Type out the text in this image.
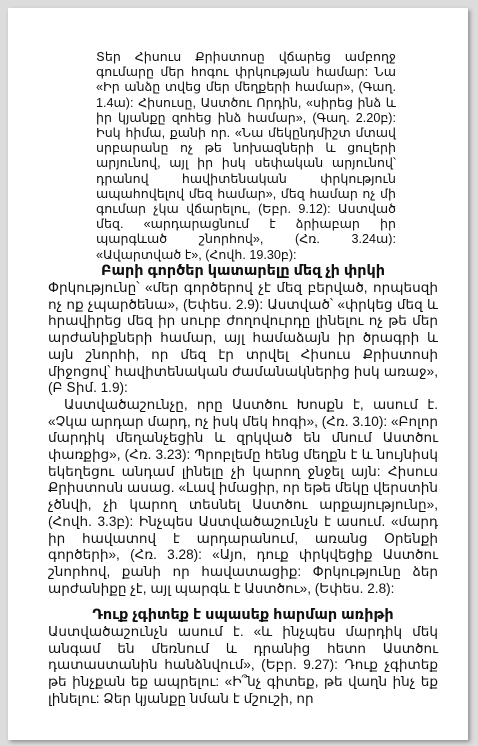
Տեր Հիսուս Քրիստոսը վճարեց ամբողջ գումարը մեր հոգու փրկության համար: Նա «Իր անձը տվեց մեր մեղքերի համար», (Գաղ. 1.4ա): Հիսուսը, Աստծու Որդին, «սիրեց ինձ և իր կյանքը զոհեց ինձ համար», (Գաղ. 2.20բ): Իսկ հիմա, քանի որ. «Նա մեկընդմիշտ մտավ սրբարանը ոչ թե նոխազների և ցուլերի արյունով, այլ իր իսկ սեփական արյունով՝ դրանով հավիտենական փրկություն ապահովելով մեզ համար», մեզ համար ոչ մի գումար չկա վճարելու, (Եբր. 9.12): Աստված մեզ. «արդարացնում է ձրիաբար իր պարգևած շնորհով», (Հռ. 3.24ա): «Ավարտված է», (Հովհ. 19.30բ):

Բարի գործեր կատարելը մեզ չի փրկի

Փրկությունը՝ «մեր գործերով չէ մեզ բերված, որպեսզի ոչ ոք չպարծենա», (Եփես. 2.9): Աստված՝ «փրկեց մեզ և հրավիրեց մեզ իր սուրբ ժողովուրդը լինելու ոչ թե մեր արժանիքների համար, այլ համաձայն իր ծրագրի և այն շնորհի, որ մեզ էր տրվել Հիսուս Քրիստոսի միջոցով՝ հավիտենական ժամանակներից իսկ առաջ», (Բ Տիմ. 1.9):

Աստվածաշունչը, որը Աստծու Խոսքն է, ասում է. «Չկա արդար մարդ, ոչ իսկ մեկ հոգի», (Հռ. 3.10): «Բոլոր մարդիկ մեղանչեցին և զրկված են մնում Աստծու փառքից», (Հռ. 3.23): Պրոբլեմը հենց մեղքն է և նույնիսկ եկեղեցու անդամ լինելը չի կարող ջնջել այն: Հիսուս Քրիստոսն ասաց. «Լավ իմացիր, որ եթե մեկը վերստին չծնվի, չի կարող տեսնել Աստծու արքայությունը», (Հովհ. 3.3բ): Ինչպես Աստվածաշունչն է ասում. «մարդ իր հավատով է արդարանում, առանց Օրենքի գործերի», (Հռ. 3.28): «Այո, դուք փրկվեցիք Աստծու շնորհով, քանի որ հավատացիք: Փրկությունը ձեր արժանիքը չէ, այլ պարգև է Աստծու», (Եփես. 2.8):

Դուք չգիտեք է սպասեք հարմար առիթի

Աստվածաշունչն ասում է. «և ինչպես մարդիկ մեկ անգամ են մեռնում և դրանից հետո Աստծու դատաստանին հանձնվում», (Եբր. 9.27): Դուք չգիտեք թե ինչքան եք ապրելու: «Ի՞նչ գիտեք, թե վաղն ինչ եք լինելու: Ձեր կյանքը նման է մշուշի, որ
